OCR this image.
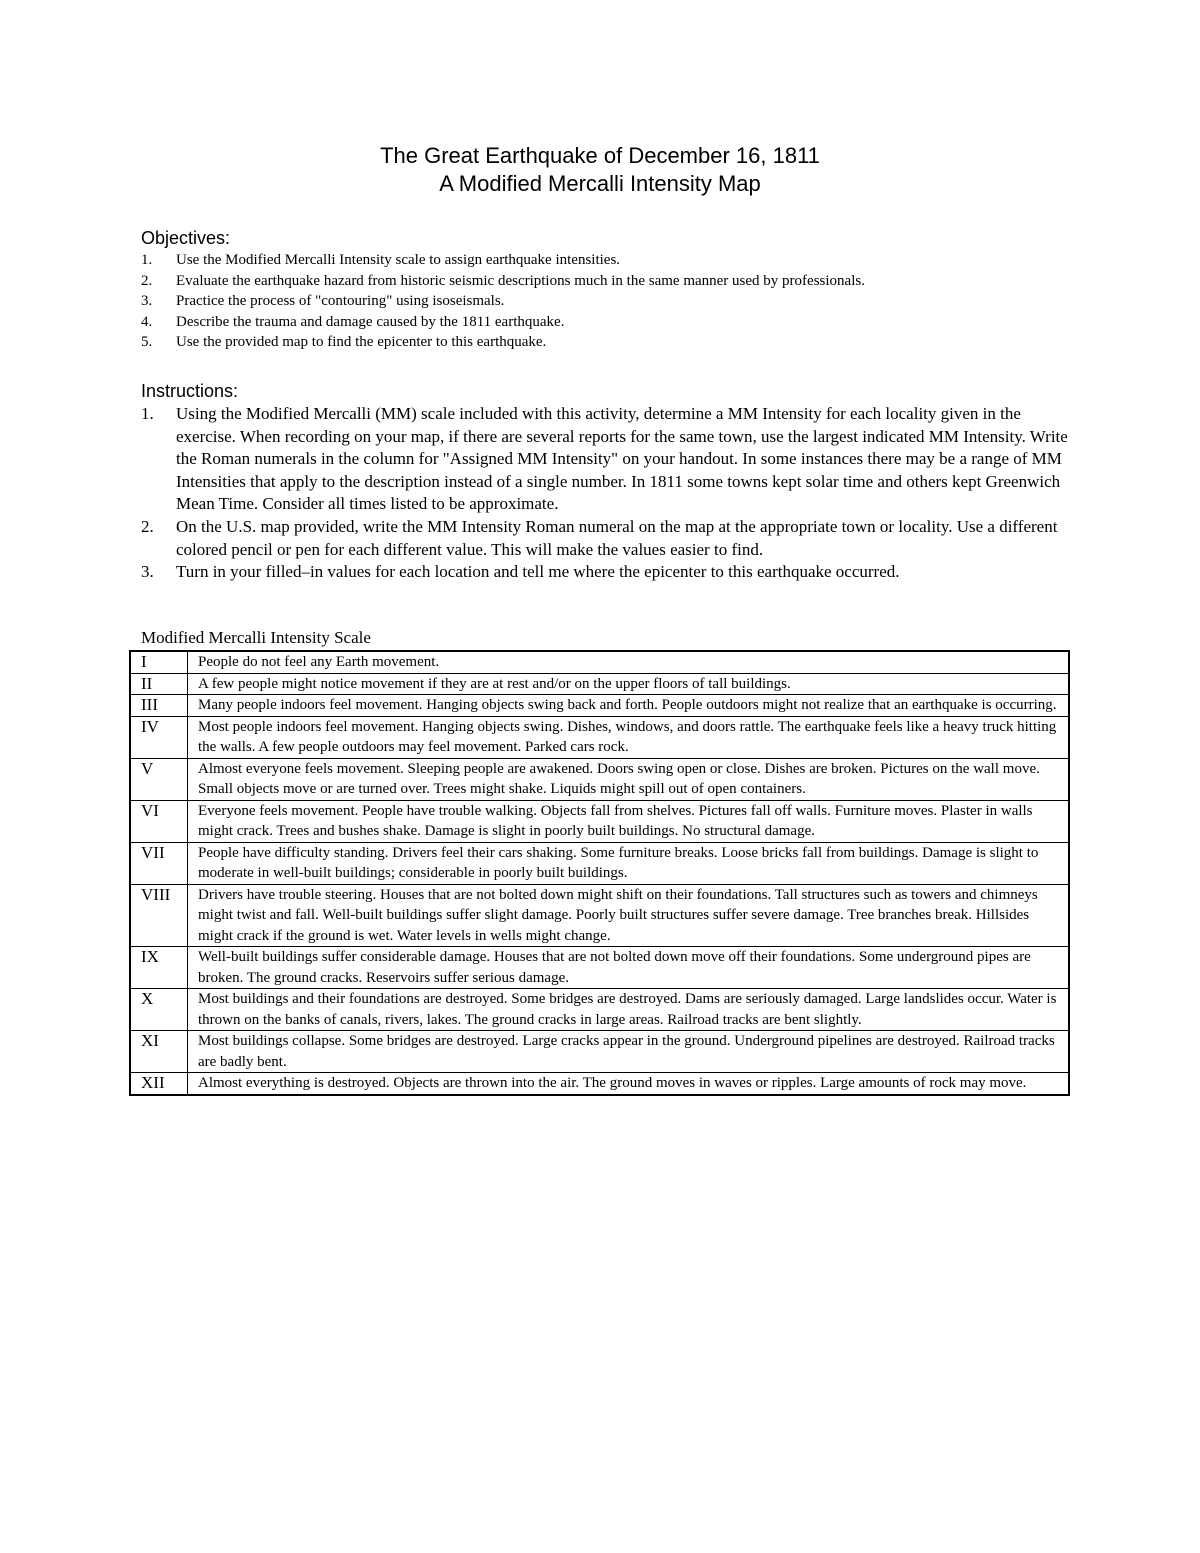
The Great Earthquake of December 16, 1811
A Modified Mercalli Intensity Map
Objectives:
1. Use the Modified Mercalli Intensity scale to assign earthquake intensities.
2. Evaluate the earthquake hazard from historic seismic descriptions much in the same manner used by professionals.
3. Practice the process of "contouring" using isoseismals.
4. Describe the trauma and damage caused by the 1811 earthquake.
5. Use the provided map to find the epicenter to this earthquake.
Instructions:
1. Using the Modified Mercalli (MM) scale included with this activity, determine a MM Intensity for each locality given in the exercise. When recording on your map, if there are several reports for the same town, use the largest indicated MM Intensity. Write the Roman numerals in the column for "Assigned MM Intensity" on your handout. In some instances there may be a range of MM Intensities that apply to the description instead of a single number. In 1811 some towns kept solar time and others kept Greenwich Mean Time. Consider all times listed to be approximate.
2. On the U.S. map provided, write the MM Intensity Roman numeral on the map at the appropriate town or locality. Use a different colored pencil or pen for each different value. This will make the values easier to find.
3. Turn in your filled–in values for each location and tell me where the epicenter to this earthquake occurred.
Modified Mercalli Intensity Scale
I	People do not feel any Earth movement.
II	A few people might notice movement if they are at rest and/or on the upper floors of tall buildings.
III	Many people indoors feel movement. Hanging objects swing back and forth. People outdoors might not realize that an earthquake is occurring.
IV	Most people indoors feel movement. Hanging objects swing. Dishes, windows, and doors rattle. The earthquake feels like a heavy truck hitting the walls. A few people outdoors may feel movement. Parked cars rock.
V	Almost everyone feels movement. Sleeping people are awakened. Doors swing open or close. Dishes are broken. Pictures on the wall move. Small objects move or are turned over. Trees might shake. Liquids might spill out of open containers.
VI	Everyone feels movement. People have trouble walking. Objects fall from shelves. Pictures fall off walls. Furniture moves. Plaster in walls might crack. Trees and bushes shake. Damage is slight in poorly built buildings. No structural damage.
VII	People have difficulty standing. Drivers feel their cars shaking. Some furniture breaks. Loose bricks fall from buildings. Damage is slight to moderate in well-built buildings; considerable in poorly built buildings.
VIII	Drivers have trouble steering. Houses that are not bolted down might shift on their foundations. Tall structures such as towers and chimneys might twist and fall. Well-built buildings suffer slight damage. Poorly built structures suffer severe damage. Tree branches break. Hillsides might crack if the ground is wet. Water levels in wells might change.
IX	Well-built buildings suffer considerable damage. Houses that are not bolted down move off their foundations. Some underground pipes are broken. The ground cracks. Reservoirs suffer serious damage.
X	Most buildings and their foundations are destroyed. Some bridges are destroyed. Dams are seriously damaged. Large landslides occur. Water is thrown on the banks of canals, rivers, lakes. The ground cracks in large areas. Railroad tracks are bent slightly.
XI	Most buildings collapse. Some bridges are destroyed. Large cracks appear in the ground. Underground pipelines are destroyed. Railroad tracks are badly bent.
XII	Almost everything is destroyed. Objects are thrown into the air. The ground moves in waves or ripples. Large amounts of rock may move.
